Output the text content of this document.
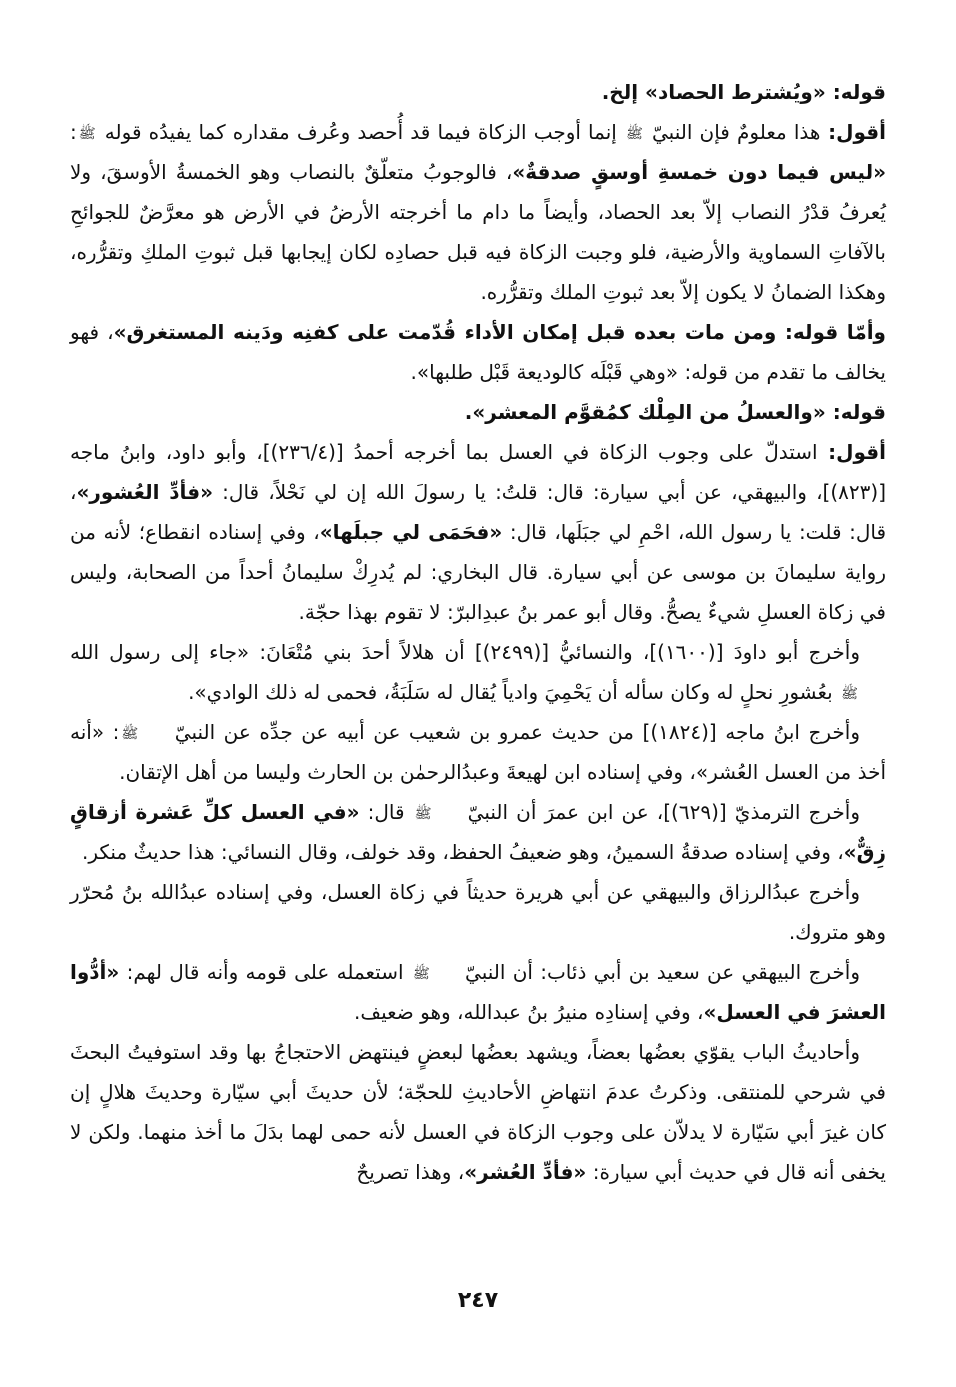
قوله: «ويُشترط الحصاد» إلخ.

أقول: هذا معلومٌ فإن النبيّ ﷺ إنما أوجب الزكاة فيما قد أُحصد وعُرف مقداره كما يفيدُه قوله ﷺ: «ليس فيما دون خمسةِ أوسقٍ صدقةٌ»، فالوجوبُ متعلّقٌ بالنصاب وهو الخمسةُ الأوسقَ، ولا يُعرفُ قدْرُ النصاب إلاّ بعد الحصاد، وأيضاً ما دام ما أخرجته الأرضُ في الأرض هو معرَّضٌ للجوائحِ بالآفاتِ السماوية والأرضية، فلو وجبت الزكاة فيه قبل حصادِه لكان إيجابها قبل ثبوتِ الملكِ وتقرُّره، وهكذا الضمانُ لا يكون إلاّ بعد ثبوتِ الملك وتقرُّره.

وأمّا قوله: ومن مات بعده قبل إمكان الأداء قُدّمت على كفنِه ودَينه المستغرق»، فهو يخالف ما تقدم من قوله: «وهي قَبْلَه كالوديعة قَبْل طلبها».

قوله: «والعسلُ من المِلْك كمُقوَّم المعشر».

أقول: استدلّ على وجوب الزكاة في العسل بما أخرجه أحمدُ [(٢٣٦/٤)]، وأبو داود، وابنُ ماجه [(٨٢٣)]، والبيهقي، عن أبي سيارة: قال: قلتُ: يا رسولَ الله إن لي نَحْلاً، قال: «فأدِّ العُشور»، قال: قلت: يا رسول الله، احْمِ لي جبَلَها، قال: «فحَمَى لي جبلَها»، وفي إسناده انقطاع؛ لأنه من رواية سليمانَ بن موسى عن أبي سيارة. قال البخاري: لم يُدرِكْ سليمانُ أحداً من الصحابة، وليس في زكاة العسلِ شيءٌ يصحُّ. وقال أبو عمر بنُ عبدِالبرّ: لا تقوم بهذا حجّة.

وأخرج أبو داودَ [(١٦٠٠)]، والنسائيُّ [(٢٤٩٩)] أن هلالاً أحدَ بني مُتْعَانَ: «جاء إلى رسول الله ﷺ بعُشورِ نحلٍ له وكان سأله أن يَحْمِيَ وادياً يُقال له سَلَبَةُ، فحمى له ذلك الوادي».

وأخرج ابنُ ماجه [(١٨٢٤)] من حديث عمرو بن شعيب عن أبيه عن جدِّه عن النبيّ ﷺ: «أنه أخذ من العسل العُشر»، وفي إسناده ابن لهيعةَ وعبدُالرحمٰن بن الحارث وليسا من أهل الإتقان.

وأخرج الترمذيّ [(٦٢٩)]، عن ابن عمرَ أن النبيّ ﷺ قال: «في العسل كلِّ عَشرة أزقاقٍ زِقٌّ»، وفي إسناده صدقةُ السمينُ، وهو ضعيفُ الحفظ، وقد خولف، وقال النسائي: هذا حديثٌ منكر.

وأخرج عبدُالرزاق والبيهقي عن أبي هريرة حديثاً في زكاة العسل، وفي إسناده عبدُالله بنُ مُحرّر وهو متروك.

وأخرج البيهقي عن سعيد بن أبي ذئاب: أن النبيّ ﷺ استعمله على قومه وأنه قال لهم: «أدُّوا العشرَ في العسل»، وفي إسنادِه منيرُ بنُ عبدالله، وهو ضعيف.

وأحاديثُ الباب يقوّي بعضُها بعضاً، ويشهد بعضُها لبعضٍ فينتهض الاحتجاجُ بها وقد استوفيتُ البحثَ في شرحي للمنتقى. وذكرتُ عدمَ انتهاضِ الأحاديثِ للحجّة؛ لأن حديثَ أبي سيّارة وحديثَ هلالٍ إن كان غيرَ أبي سَيّارة لا يدلاّن على وجوب الزكاة في العسل لأنه حمى لهما بدَلَ ما أخذ منهما. ولكن لا يخفى أنه قال في حديث أبي سيارة: «فأدِّ العُشر»، وهذا تصريحٌ

٢٤٧
